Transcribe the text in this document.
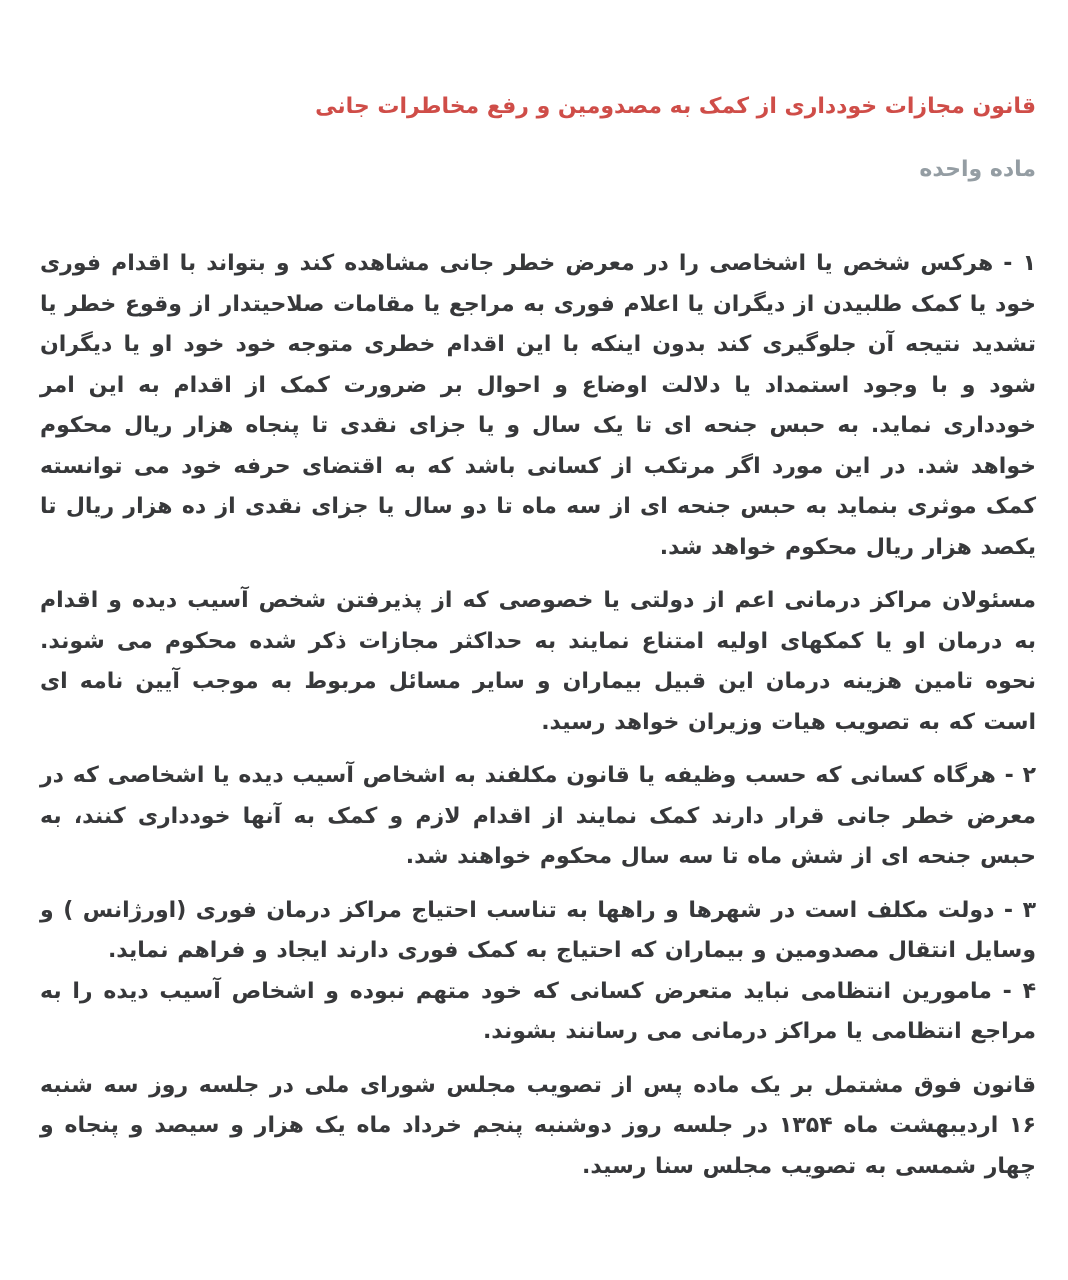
قانون مجازات خودداری از کمک به مصدومین و رفع مخاطرات جانی
ماده واحده

۱ - هرکس شخص یا اشخاصی را در معرض خطر جانی مشاهده کند و بتواند با اقدام فوری خود یا کمک طلبیدن از دیگران یا اعلام فوری به مراجع یا مقامات صلاحیتدار از وقوع خطر یا تشدید نتیجه آن جلوگیری کند بدون اینکه با این اقدام خطری متوجه خود خود او یا دیگران شود و با وجود استمداد یا دلالت اوضاع و احوال بر ضرورت کمک از اقدام به این امر خودداری نماید. به حبس جنحه ای تا یک سال و یا جزای نقدی تا پنجاه هزار ریال محکوم خواهد شد. در این مورد اگر مرتکب از کسانی باشد که به اقتضای حرفه خود می توانسته کمک موثری بنماید به حبس جنحه ای از سه ماه تا دو سال یا جزای نقدی از ده هزار ریال تا یکصد هزار ریال محکوم خواهد شد.

مسئولان مراکز درمانی اعم از دولتی یا خصوصی که از پذیرفتن شخص آسیب دیده و اقدام به درمان او یا کمکهای اولیه امتناع نمایند به حداکثر مجازات ذکر شده محکوم می شوند. نحوه تامین هزینه درمان این قبیل بیماران و سایر مسائل مربوط به موجب آیین نامه ای است که به تصویب هیات وزیران خواهد رسید.

۲ - هرگاه کسانی که حسب وظیفه یا قانون مکلفند به اشخاص آسیب دیده یا اشخاصی که در معرض خطر جانی قرار دارند کمک نمایند از اقدام لازم و کمک به آنها خودداری کنند، به حبس جنحه ای از شش ماه تا سه سال محکوم خواهند شد.

۳ - دولت مکلف است در شهرها و راهها به تناسب احتیاج مراکز درمان فوری (اورژانس ) و وسایل انتقال مصدومین و بیماران که احتیاج به کمک فوری دارند ایجاد و فراهم نماید.

۴ - مامورین انتظامی نباید متعرض کسانی که خود متهم نبوده و اشخاص آسیب دیده را به مراجع انتظامی یا مراکز درمانی می رسانند بشوند.

قانون فوق مشتمل بر یک ماده پس از تصویب مجلس شورای ملی در جلسه روز سه شنبه ۱۶ اردیبهشت ماه ۱۳۵۴ در جلسه روز دوشنبه پنجم خرداد ماه یک هزار و سیصد و پنجاه و چهار شمسی به تصویب مجلس سنا رسید.
